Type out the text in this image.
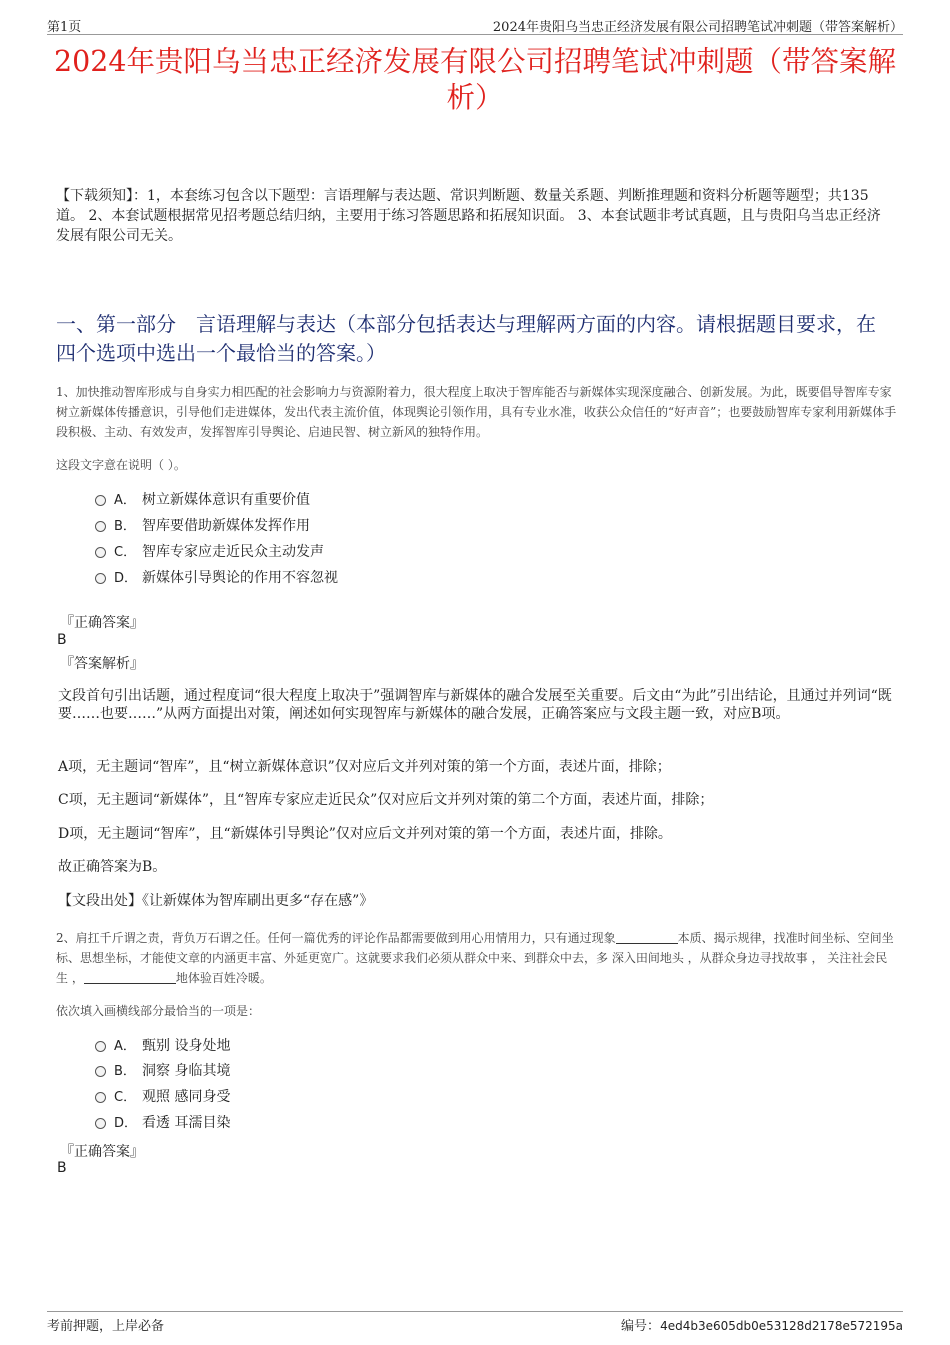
第1页	2024年贵阳乌当忠正经济发展有限公司招聘笔试冲刺题（带答案解析）
2024年贵阳乌当忠正经济发展有限公司招聘笔试冲刺题（带答案解析）
【下载须知】：1，本套练习包含以下题型：言语理解与表达题、常识判断题、数量关系题、判断推理题和资料分析题等题型；共135道。 2、本套试题根据常见招考题总结归纳，主要用于练习答题思路和拓展知识面。 3、本套试题非考试真题，且与贵阳乌当忠正经济发展有限公司无关。
一、第一部分　言语理解与表达（本部分包括表达与理解两方面的内容。请根据题目要求，在四个选项中选出一个最恰当的答案。）
1、加快推动智库形成与自身实力相匹配的社会影响力与资源附着力，很大程度上取决于智库能否与新媒体实现深度融合、创新发展。为此，既要倡导智库专家树立新媒体传播意识，引导他们走进媒体，发出代表主流价值，体现舆论引领作用，具有专业水准，收获公众信任的“好声音”；也要鼓励智库专家利用新媒体手段积极、主动、有效发声，发挥智库引导舆论、启迪民智、树立新风的独特作用。
这段文字意在说明（ ）。
A． 树立新媒体意识有重要价值
B． 智库要借助新媒体发挥作用
C． 智库专家应走近民众主动发声
D． 新媒体引导舆论的作用不容忽视
『正确答案』
B
『答案解析』
文段首句引出话题，通过程度词“很大程度上取决于”强调智库与新媒体的融合发展至关重要。后文由“为此”引出结论，且通过并列词“既要……也要……”从两方面提出对策，阐述如何实现智库与新媒体的融合发展，正确答案应与文段主题一致，对应B项。
A项，无主题词“智库”，且“树立新媒体意识”仅对应后文并列对策的第一个方面，表述片面，排除；
C项，无主题词“新媒体”，且“智库专家应走近民众”仅对应后文并列对策的第二个方面，表述片面，排除；
D项，无主题词“智库”，且“新媒体引导舆论”仅对应后文并列对策的第一个方面，表述片面，排除。
故正确答案为B。
【文段出处】《让新媒体为智库刷出更多“存在感”》
2、肩扛千斤谓之责，背负万石谓之任。任何一篇优秀的评论作品都需要做到用心用情用力，只有通过现象	本质、揭示规律，找准时间坐标、空间坐标、思想坐标，才能使文章的内涵更丰富、外延更宽广。这就要求我们必须从群众中来、到群众中去，多 深入田间地头 ，从群众身边寻找故事 ， 关注社会民生 ，	地体验百姓冷暖。
依次填入画横线部分最恰当的一项是：
A． 甄别 设身处地
B． 洞察 身临其境
C． 观照 感同身受
D． 看透 耳濡目染
『正确答案』
B
考前押题，上岸必备	编号：4ed4b3e605db0e53128d2178e572195a
